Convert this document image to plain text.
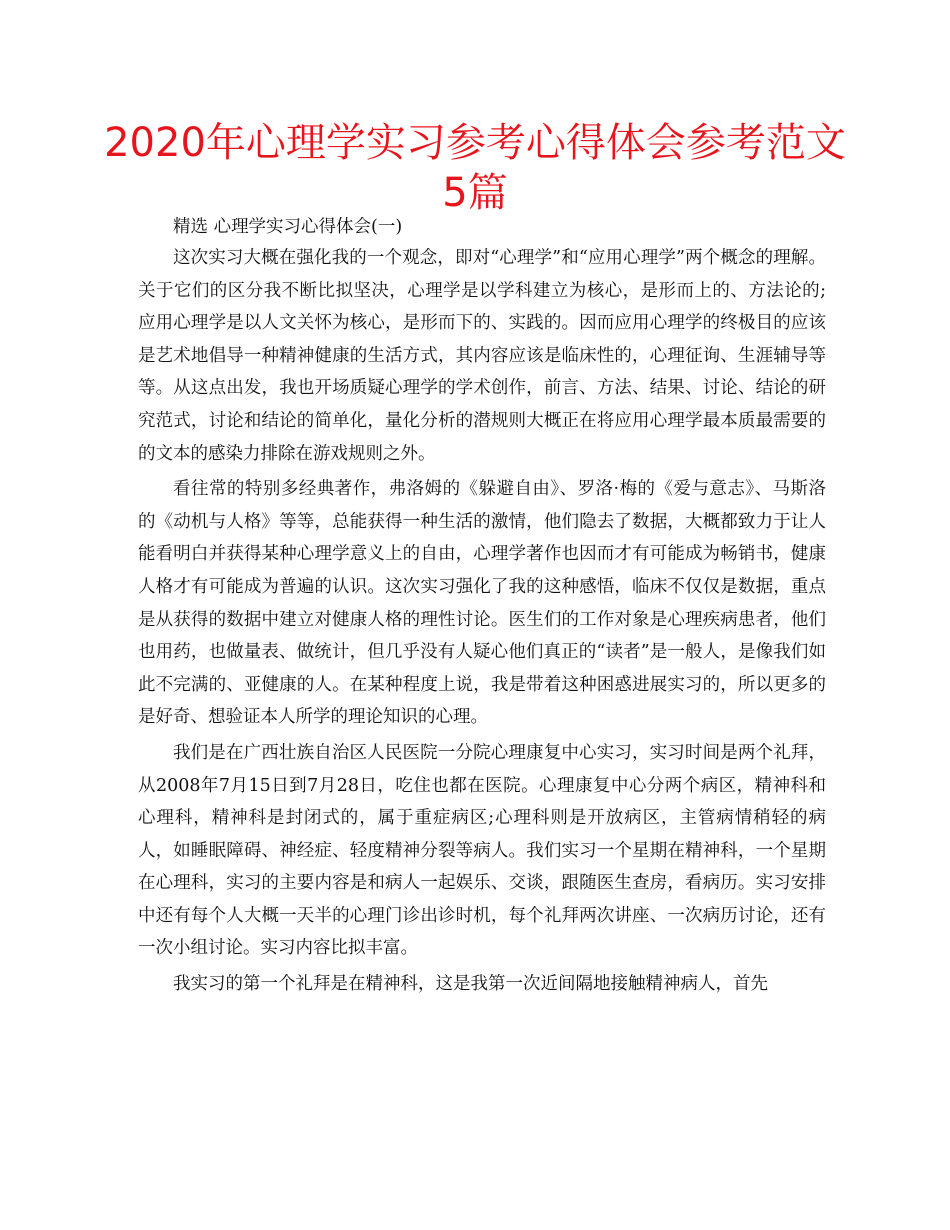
2020年心理学实习参考心得体会参考范文
5篇

精选 心理学实习心得体会(一)

这次实习大概在强化我的一个观念，即对“心理学”和“应用心理学”两个概念的理解。关于它们的区分我不断比拟坚决，心理学是以学科建立为核心，是形而上的、方法论的;应用心理学是以人文关怀为核心，是形而下的、实践的。因而应用心理学的终极目的应该是艺术地倡导一种精神健康的生活方式，其内容应该是临床性的，心理征询、生涯辅导等等。从这点出发，我也开场质疑心理学的学术创作，前言、方法、结果、讨论、结论的研究范式，讨论和结论的简单化，量化分析的潜规则大概正在将应用心理学最本质最需要的的文本的感染力排除在游戏规则之外。

看往常的特别多经典著作，弗洛姆的《躲避自由》、罗洛·梅的《爱与意志》、马斯洛的《动机与人格》等等，总能获得一种生活的激情，他们隐去了数据，大概都致力于让人能看明白并获得某种心理学意义上的自由，心理学著作也因而才有可能成为畅销书，健康人格才有可能成为普遍的认识。这次实习强化了我的这种感悟，临床不仅仅是数据，重点是从获得的数据中建立对健康人格的理性讨论。医生们的工作对象是心理疾病患者，他们也用药，也做量表、做统计，但几乎没有人疑心他们真正的“读者”是一般人，是像我们如此不完满的、亚健康的人。在某种程度上说，我是带着这种困惑进展实习的，所以更多的是好奇、想验证本人所学的理论知识的心理。

我们是在广西壮族自治区人民医院一分院心理康复中心实习，实习时间是两个礼拜，从2008年7月15日到7月28日，吃住也都在医院。心理康复中心分两个病区，精神科和心理科，精神科是封闭式的，属于重症病区;心理科则是开放病区，主管病情稍轻的病人，如睡眠障碍、神经症、轻度精神分裂等病人。我们实习一个星期在精神科，一个星期在心理科，实习的主要内容是和病人一起娱乐、交谈，跟随医生查房，看病历。实习安排中还有每个人大概一天半的心理门诊出诊时机，每个礼拜两次讲座、一次病历讨论，还有一次小组讨论。实习内容比拟丰富。

我实习的第一个礼拜是在精神科，这是我第一次近间隔地接触精神病人，首先
